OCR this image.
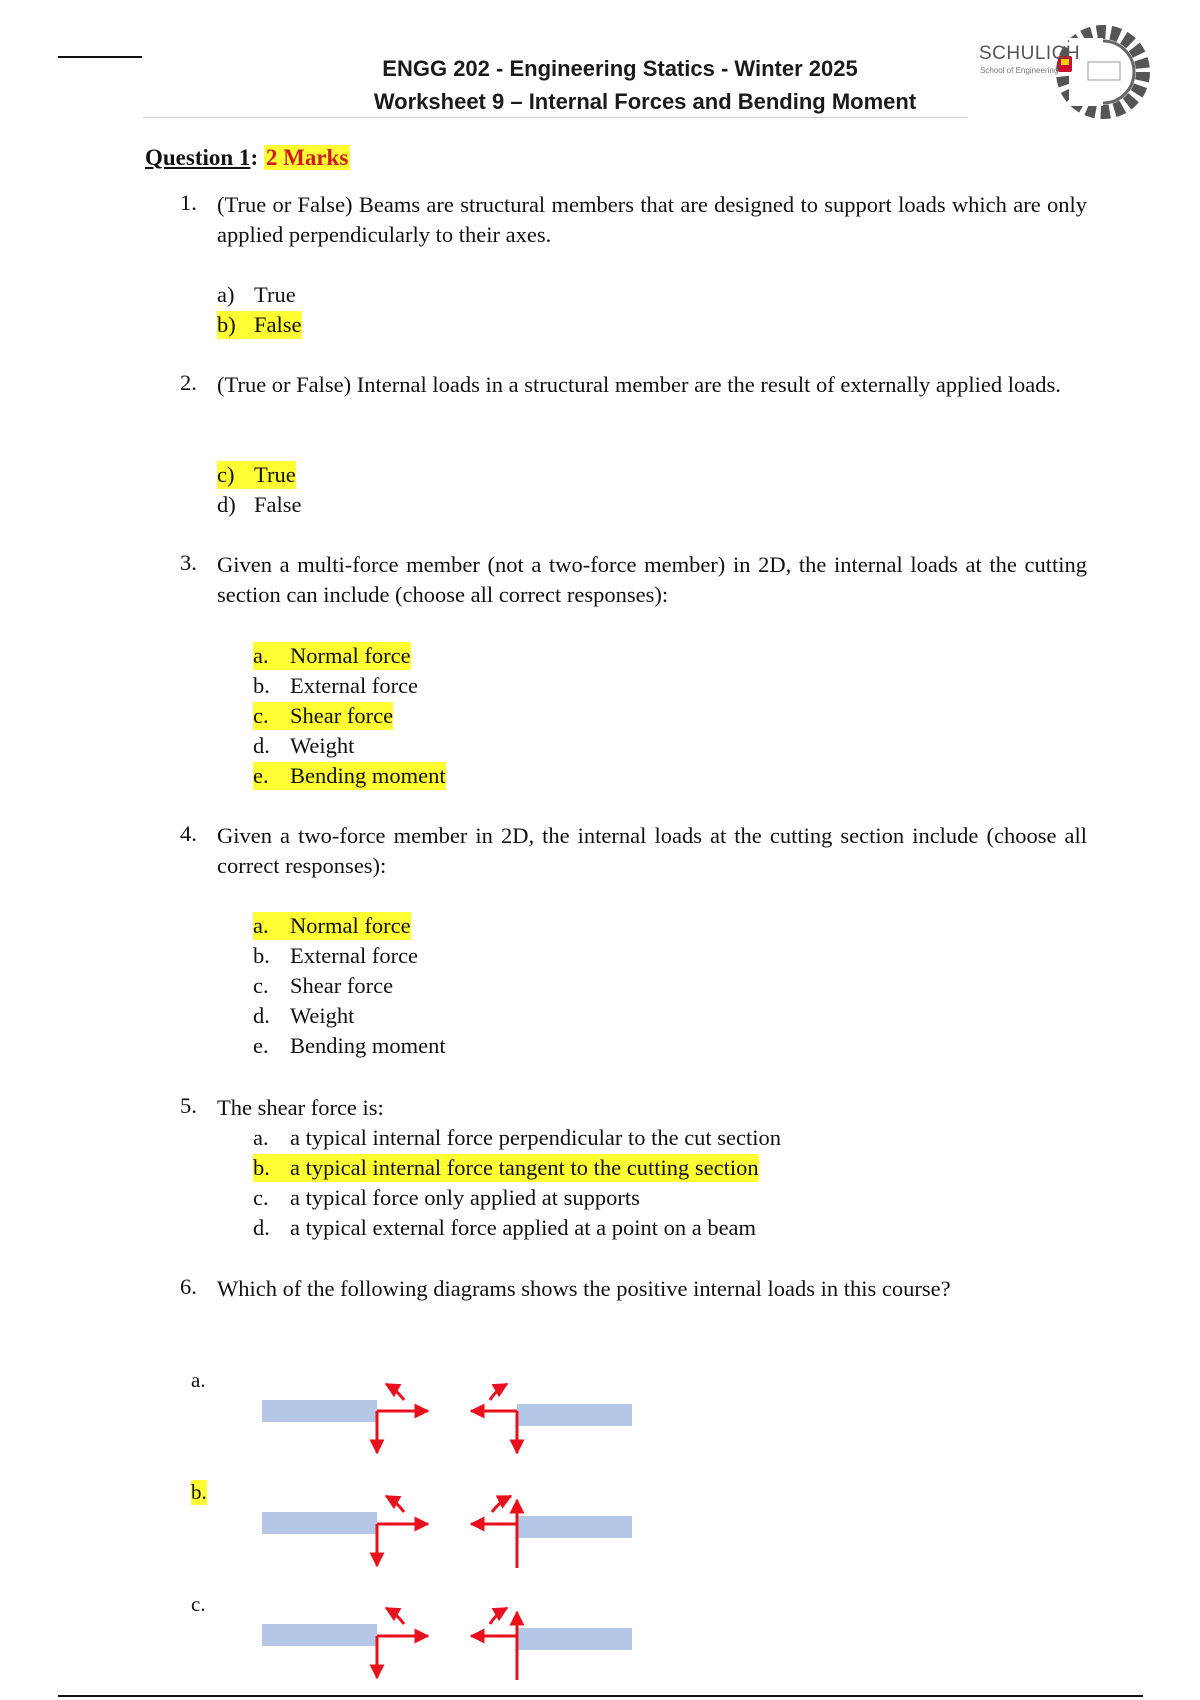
ENGG 202 - Engineering Statics - Winter 2025
Worksheet 9 – Internal Forces and Bending Moment
SCHULICH
School of Engineering
Question 1: 2 Marks
1. (True or False) Beams are structural members that are designed to support loads which are only applied perpendicularly to their axes.
a) True
b) False
2. (True or False) Internal loads in a structural member are the result of externally applied loads.
c) True
d) False
3. Given a multi-force member (not a two-force member) in 2D, the internal loads at the cutting section can include (choose all correct responses):
a. Normal force
b. External force
c. Shear force
d. Weight
e. Bending moment
4. Given a two-force member in 2D, the internal loads at the cutting section include (choose all correct responses):
a. Normal force
b. External force
c. Shear force
d. Weight
e. Bending moment
5. The shear force is:
a. a typical internal force perpendicular to the cut section
b. a typical internal force tangent to the cutting section
c. a typical force only applied at supports
d. a typical external force applied at a point on a beam
6. Which of the following diagrams shows the positive internal loads in this course?
a.
b.
c.
